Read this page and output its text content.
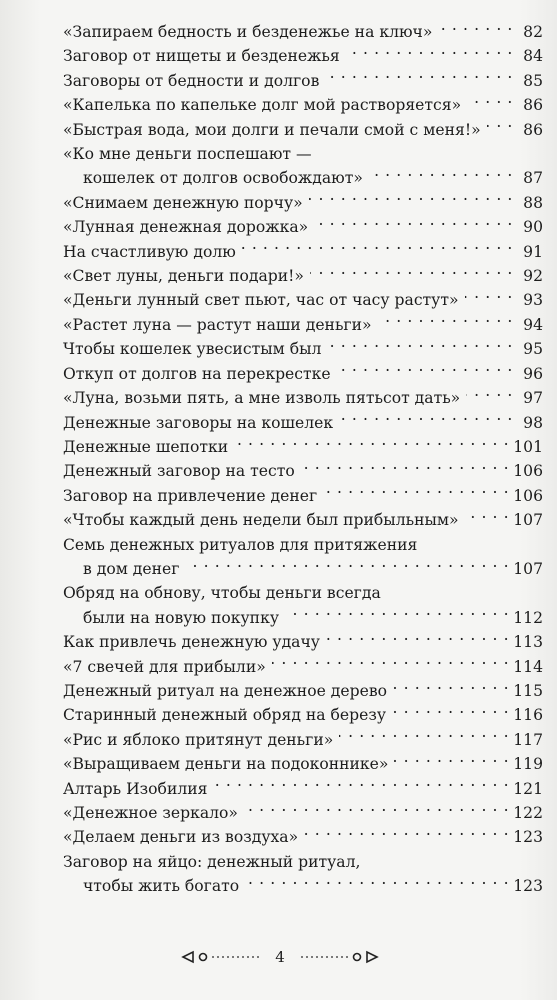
«Запираем бедность и безденежье на ключ» . . .	82
Заговор от нищеты и безденежья . . .	84
Заговоры от бедности и долгов . . .	85
«Капелька по капельке долг мой растворяется» . . .	86
«Быстрая вода, мои долги и печали смой с меня!» . . .	86
«Ко мне деньги поспешают —
кошелек от долгов освобождают» . . .	87
«Снимаем денежную порчу» . . .	88
«Лунная денежная дорожка» . . .	90
На счастливую долю . . .	91
«Свет луны, деньги подари!» . . .	92
«Деньги лунный свет пьют, час от часу растут» . . .	93
«Растет луна — растут наши деньги» . . .	94
Чтобы кошелек увесистым был . . .	95
Откуп от долгов на перекрестке . . .	96
«Луна, возьми пять, а мне изволь пятьсот дать» . . .	97
Денежные заговоры на кошелек . . .	98
Денежные шепотки . . .	101
Денежный заговор на тесто . . .	106
Заговор на привлечение денег . . .	106
«Чтобы каждый день недели был прибыльным» . . .	107
Семь денежных ритуалов для притяжения
в дом денег . . .	107
Обряд на обнову, чтобы деньги всегда
были на новую покупку . . .	112
Как привлечь денежную удачу . . .	113
«7 свечей для прибыли» . . .	114
Денежный ритуал на денежное дерево . . .	115
Старинный денежный обряд на березу . . .	116
«Рис и яблоко притянут деньги» . . .	117
«Выращиваем деньги на подоконнике» . . .	119
Алтарь Изобилия . . .	121
«Денежное зеркало» . . .	122
«Делаем деньги из воздуха» . . .	123
Заговор на яйцо: денежный ритуал,
чтобы жить богато . . .	123
4
